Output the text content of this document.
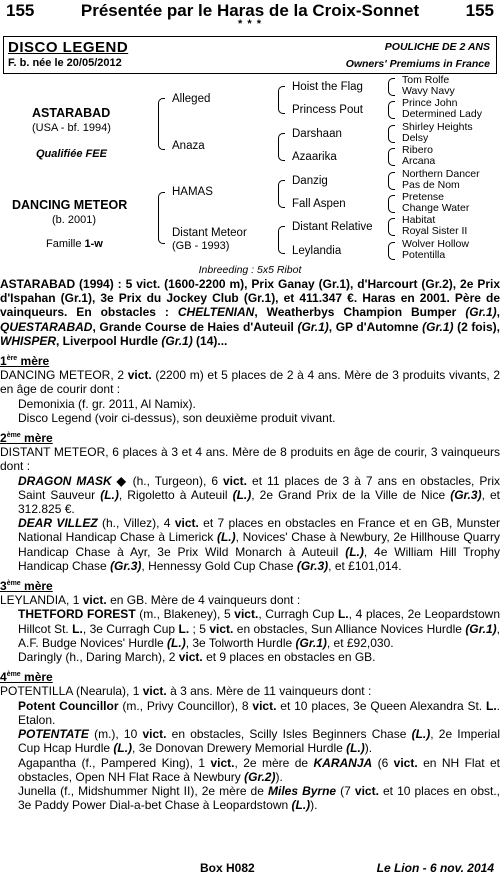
155	Présentée par le Haras de la Croix-Sonnet	155
* * *
DISCO LEGEND	POULICHE DE 2 ANS
F. b. née le 20/05/2012	Owners' Premiums in France
ASTARABAD
(USA - bf. 1994)
Qualifiée FEE
DANCING METEOR
(b. 2001)
Famille 1-w
Alleged
Anaza
HAMAS
Distant Meteor
(GB - 1993)
Hoist the Flag
Princess Pout
Darshaan
Azaarika
Danzig
Fall Aspen
Distant Relative
Leylandia
Tom Rolfe
Wavy Navy
Prince John
Determined Lady
Shirley Heights
Delsy
Ribero
Arcana
Northern Dancer
Pas de Nom
Pretense
Change Water
Habitat
Royal Sister II
Wolver Hollow
Potentilla
Inbreeding : 5x5 Ribot

ASTARABAD (1994) : 5 vict. (1600-2200 m), Prix Ganay (Gr.1), d'Harcourt (Gr.2), 2e Prix d'Ispahan (Gr.1), 3e Prix du Jockey Club (Gr.1), et 411.347 €. Haras en 2001. Père de vainqueurs. En obstacles : CHELTENIAN, Weatherbys Champion Bumper (Gr.1), QUESTARABAD, Grande Course de Haies d'Auteuil (Gr.1), GP d'Automne (Gr.1) (2 fois), WHISPER, Liverpool Hurdle (Gr.1) (14)...

1ère mère

DANCING METEOR, 2 vict. (2200 m) et 5 places de 2 à 4 ans. Mère de 3 produits vivants, 2 en âge de courir dont :

Demonixia (f. gr. 2011, Al Namix).

Disco Legend (voir ci-dessus), son deuxième produit vivant.

2ème mère

DISTANT METEOR, 6 places à 3 et 4 ans. Mère de 8 produits en âge de courir, 3 vainqueurs dont :

DRAGON MASK ◆ (h., Turgeon), 6 vict. et 11 places de 3 à 7 ans en obstacles, Prix Saint Sauveur (L.), Rigoletto à Auteuil (L.), 2e Grand Prix de la Ville de Nice (Gr.3), et 312.825 €.

DEAR VILLEZ (h., Villez), 4 vict. et 7 places en obstacles en France et en GB, Munster National Handicap Chase à Limerick (L.), Novices' Chase à Newbury, 2e Hillhouse Quarry Handicap Chase à Ayr, 3e Prix Wild Monarch à Auteuil (L.), 4e William Hill Trophy Handicap Chase (Gr.3), Hennessy Gold Cup Chase (Gr.3), et £101,014.

3ème mère

LEYLANDIA, 1 vict. en GB. Mère de 4 vainqueurs dont :

THETFORD FOREST (m., Blakeney), 5 vict., Curragh Cup L., 4 places, 2e Leopardstown Hillcot St. L., 3e Curragh Cup L. ; 5 vict. en obstacles, Sun Alliance Novices Hurdle (Gr.1), A.F. Budge Novices' Hurdle (L.), 3e Tolworth Hurdle (Gr.1), et £92,030.

Daringly (h., Daring March), 2 vict. et 9 places en obstacles en GB.

4ème mère

POTENTILLA (Nearula), 1 vict. à 3 ans. Mère de 11 vainqueurs dont :

Potent Councillor (m., Privy Councillor), 8 vict. et 10 places, 3e Queen Alexandra St. L.. Etalon.

POTENTATE (m.), 10 vict. en obstacles, Scilly Isles Beginners Chase (L.), 2e Imperial Cup Hcap Hurdle (L.), 3e Donovan Drewery Memorial Hurdle (L.)).

Agapantha (f., Pampered King), 1 vict., 2e mère de KARANJA (6 vict. en NH Flat et obstacles, Open NH Flat Race à Newbury (Gr.2)).

Junella (f., Midshummer Night II), 2e mère de Miles Byrne (7 vict. et 10 places en obst., 3e Paddy Power Dial-a-bet Chase à Leopardstown (L.)).

Box H082	Le Lion - 6 nov. 2014
